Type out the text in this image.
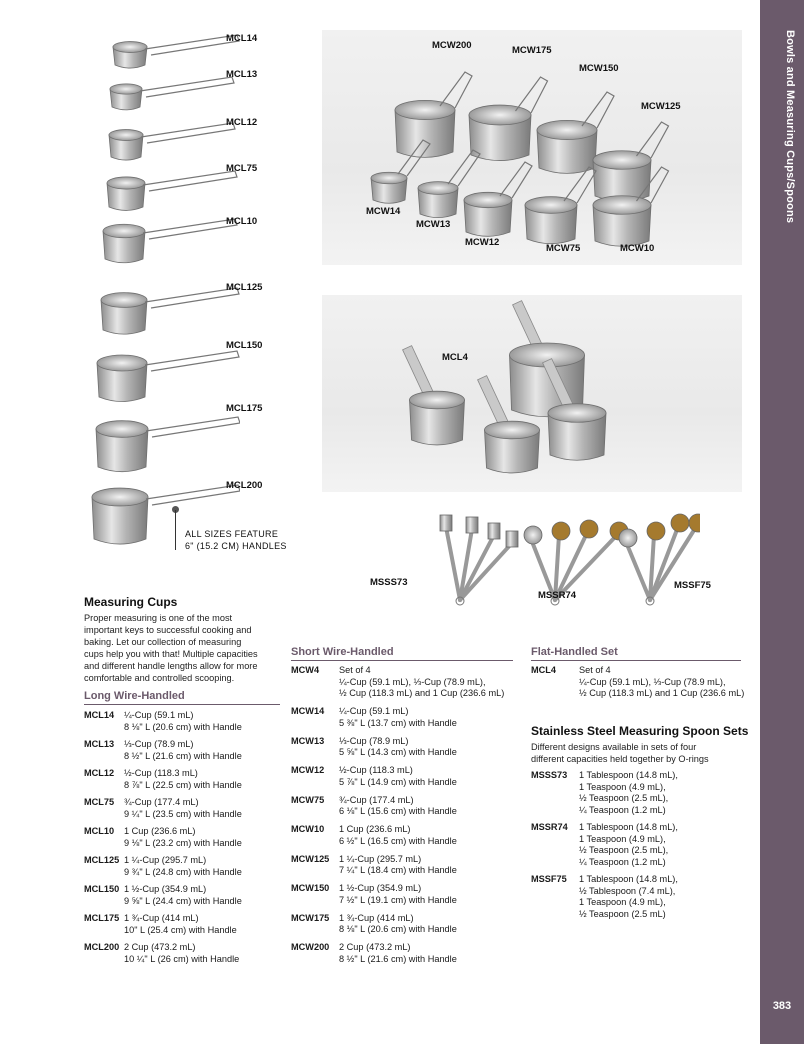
Bowls and Measuring Cups/Spoons
383
MCL14
MCL13
MCL12
MCL75
MCL10
MCL125
MCL150
MCL175
MCL200
ALL SIZES FEATURE
6" (15.2 CM) HANDLES
MCW200	MCW175
MCW150
MCW125
MCW14
MCW13
MCW12
MCW75	MCW10
MCL4
MSSS73
MSSR74
MSSF75
Measuring Cups
Proper measuring is one of the most
important keys to successful cooking and
baking. Let our collection of measuring
cups help you with that! Multiple capacities
and different handle lengths allow for more
comfortable and controlled scooping.
Long Wire-Handled
MCL14	¼-Cup (59.1 mL)
8 ⅛" L (20.6 cm) with Handle
MCL13	⅓-Cup (78.9 mL)
8 ½" L (21.6 cm) with Handle
MCL12	½-Cup (118.3 mL)
8 ⅞" L (22.5 cm) with Handle
MCL75	¾-Cup (177.4 mL)
9 ¼" L (23.5 cm) with Handle
MCL10	1 Cup (236.6 mL)
9 ⅛" L (23.2 cm) with Handle
MCL125 1 ¼-Cup (295.7 mL)
9 ¾" L (24.8 cm) with Handle
MCL150 1 ½-Cup (354.9 mL)
9 ⅝" L (24.4 cm) with Handle
MCL175 1 ¾-Cup (414 mL)
10" L (25.4 cm) with Handle
MCL200 2 Cup (473.2 mL)
10 ¼" L (26 cm) with Handle
Short Wire-Handled
MCW4	Set of 4
¼-Cup (59.1 mL), ⅓-Cup (78.9 mL),
½ Cup (118.3 mL) and 1 Cup (236.6 mL)
MCW14	¼-Cup (59.1 mL)
5 ⅜" L (13.7 cm) with Handle
MCW13	⅓-Cup (78.9 mL)
5 ⅝" L (14.3 cm) with Handle
MCW12	½-Cup (118.3 mL)
5 ⅞" L (14.9 cm) with Handle
MCW75	¾-Cup (177.4 mL)
6 ⅛" L (15.6 cm) with Handle
MCW10	1 Cup (236.6 mL)
6 ½" L (16.5 cm) with Handle
MCW125	1 ¼-Cup (295.7 mL)
7 ¼" L (18.4 cm) with Handle
MCW150	1 ½-Cup (354.9 mL)
7 ½" L (19.1 cm) with Handle
MCW175	1 ¾-Cup (414 mL)
8 ⅛" L (20.6 cm) with Handle
MCW200	2 Cup (473.2 mL)
8 ½" L (21.6 cm) with Handle
Flat-Handled Set
MCL4	Set of 4
¼-Cup (59.1 mL), ⅓-Cup (78.9 mL),
½ Cup (118.3 mL) and 1 Cup (236.6 mL)
Stainless Steel Measuring Spoon Sets
Different designs available in sets of four
different capacities held together by O-rings
MSSS73	1 Tablespoon (14.8 mL),
1 Teaspoon (4.9 mL),
½ Teaspoon (2.5 mL),
¼ Teaspoon (1.2 mL)
MSSR74	1 Tablespoon (14.8 mL),
1 Teaspoon (4.9 mL),
½ Teaspoon (2.5 mL),
¼ Teaspoon (1.2 mL)
MSSF75	1 Tablespoon (14.8 mL),
½ Tablespoon (7.4 mL),
1 Teaspoon (4.9 mL),
½ Teaspoon (2.5 mL)
